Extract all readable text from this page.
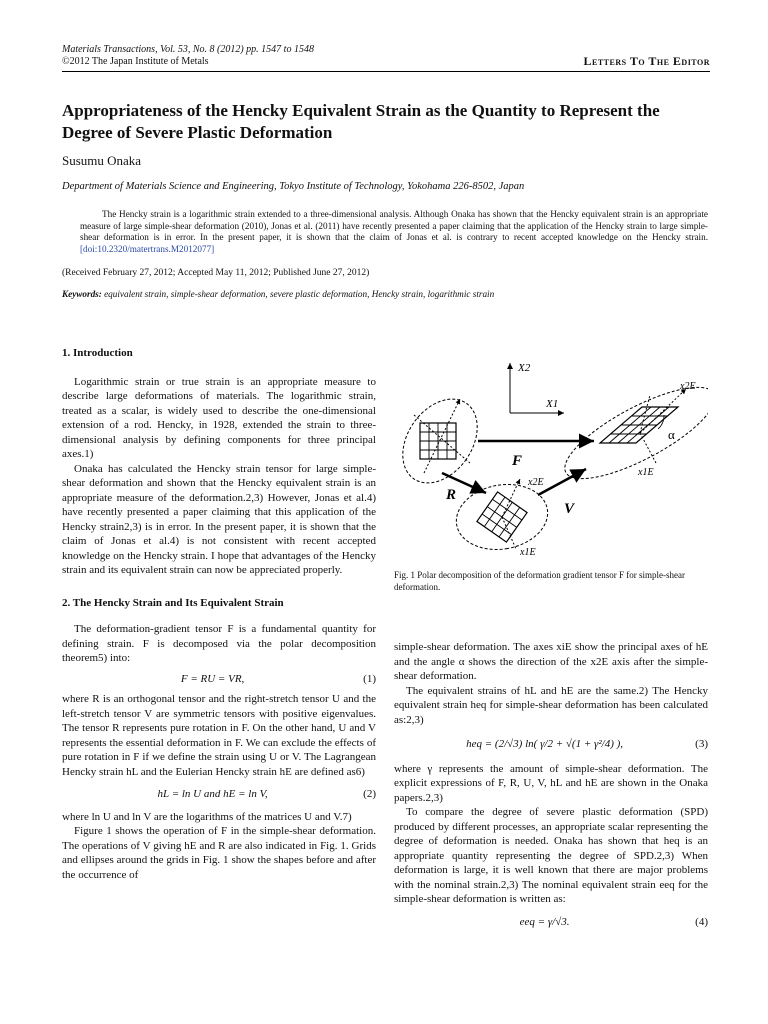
Materials Transactions, Vol. 53, No. 8 (2012) pp. 1547 to 1548
©2012 The Japan Institute of Metals	Letters To The Editor
Appropriateness of the Hencky Equivalent Strain as the Quantity to Represent the Degree of Severe Plastic Deformation
Susumu Onaka
Department of Materials Science and Engineering, Tokyo Institute of Technology, Yokohama 226-8502, Japan
The Hencky strain is a logarithmic strain extended to a three-dimensional analysis. Although Onaka has shown that the Hencky equivalent strain is an appropriate measure of large simple-shear deformation (2010), Jonas et al. (2011) have recently presented a paper claiming that the application of the Hencky strain to large simple-shear deformation is in error. In the present paper, it is shown that the claim of Jonas et al. is contrary to recent accepted knowledge on the Hencky strain. [doi:10.2320/matertrans.M2012077]
(Received February 27, 2012; Accepted May 11, 2012; Published June 27, 2012)
Keywords: equivalent strain, simple-shear deformation, severe plastic deformation, Hencky strain, logarithmic strain
1. Introduction

Logarithmic strain or true strain is an appropriate measure to describe large deformations of materials. The logarithmic strain, treated as a scalar, is widely used to describe the one-dimensional extension of a rod. Hencky, in 1928, extended the strain to three-dimensional analysis by defining components for three principal axes.1)

Onaka has calculated the Hencky strain tensor for large simple-shear deformation and shown that the Hencky equivalent strain is an appropriate measure of the deformation.2,3) However, Jonas et al.4) have recently presented a paper claiming that this application of the Hencky strain2,3) is in error. In the present paper, it is shown that the claim of Jonas et al.4) is not consistent with recent accepted knowledge on the Hencky strain. I hope that advantages of the Hencky strain and its equivalent strain can now be appreciated properly.

2. The Hencky Strain and Its Equivalent Strain

The deformation-gradient tensor F is a fundamental quantity for defining strain. F is decomposed via the polar decomposition theorem5) into:

F = RU = VR,	(1)

where R is an orthogonal tensor and the right-stretch tensor U and the left-stretch tensor V are symmetric tensors with positive eigenvalues. The tensor R represents pure rotation in F. On the other hand, U and V represents the essential deformation in F. We can exclude the effects of pure rotation in F if we define the strain using U or V. The Lagrangean Hencky strain hL and the Eulerian Hencky strain hE are defined as6)

hL = ln U and hE = ln V,	(2)

where ln U and ln V are the logarithms of the matrices U and V.7)

Figure 1 shows the operation of F in the simple-shear deformation. The operations of V giving hE and R are also indicated in Fig. 1. Grids and ellipses around the grids in Fig. 1 show the shapes before and after the occurrence of

X2
X1
F
α
x2E
x1E
R
x2E
x1E
V
Fig. 1 Polar decomposition of the deformation gradient tensor F for simple-shear deformation.

simple-shear deformation. The axes xiE show the principal axes of hE and the angle α shows the direction of the x2E axis after the simple-shear deformation.

The equivalent strains of hL and hE are the same.2) The Hencky equivalent strain heq for simple-shear deformation has been calculated as:2,3)

heq = (2/√3) ln( γ/2 + √(1 + γ²/4) ),	(3)

where γ represents the amount of simple-shear deformation. The explicit expressions of F, R, U, V, hL and hE are shown in the Onaka papers.2,3)

To compare the degree of severe plastic deformation (SPD) produced by different processes, an appropriate scalar representing the degree of deformation is needed. Onaka has shown that heq is an appropriate quantity representing the degree of SPD.2,3) When deformation is large, it is well known that there are major problems with the nominal strain.2,3) The nominal equivalent strain eeq for the simple-shear deformation is written as:

eeq = γ/√3.	(4)
